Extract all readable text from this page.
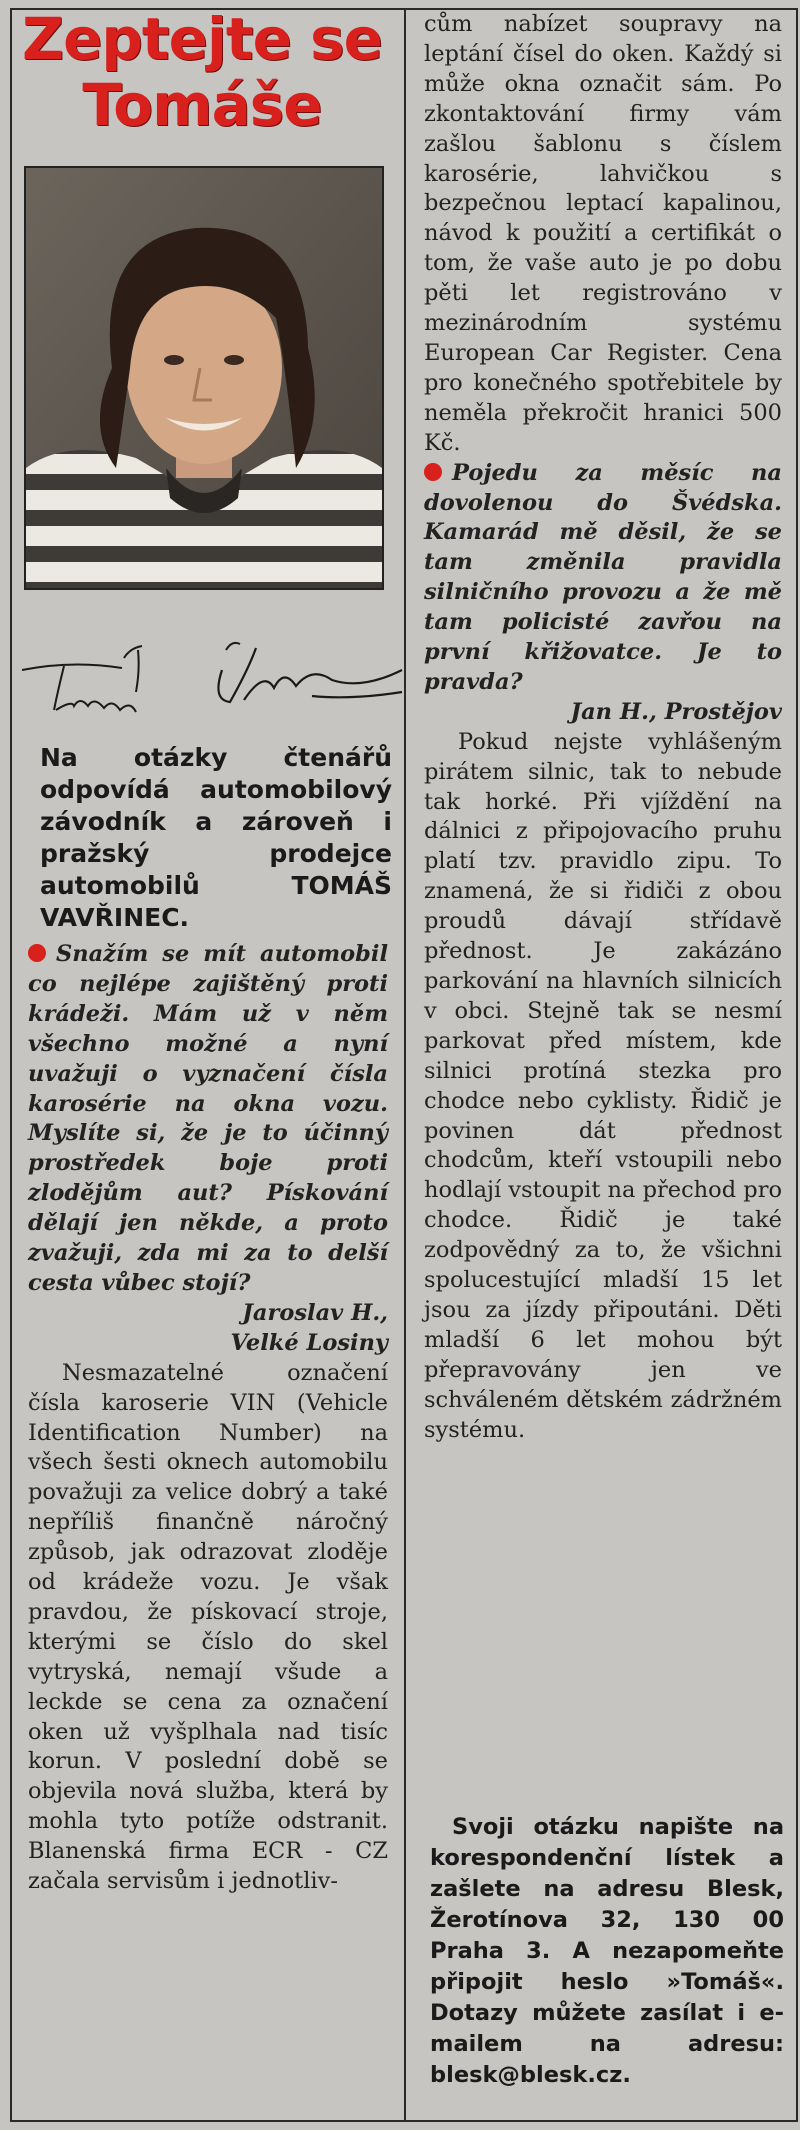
Zeptejte se
Tomáše
Na otázky čtenářů odpovídá automobilový závodník a zároveň i pražský prodejce automobilů TOMÁŠ VAVŘINEC.

Snažím se mít automobil co nejlépe zajištěný proti krádeži. Mám už v něm všechno možné a nyní uvažuji o vyznačení čísla karosérie na okna vozu. Myslíte si, že je to účinný prostředek boje proti zlodějům aut? Pískování dělají jen někde, a proto zvažuji, zda mi za to delší cesta vůbec stojí?

Jaroslav H.,

Velké Losiny

Nesmazatelné označení čísla karoserie VIN (Vehicle Identification Number) na všech šesti oknech automobilu považuji za velice dobrý a také nepříliš finančně náročný způsob, jak odrazovat zloděje od krádeže vozu. Je však pravdou, že pískovací stroje, kterými se číslo do skel vytryská, nemají všude a leckde se cena za označení oken už vyšplhala nad tisíc korun. V poslední době se objevila nová služba, která by mohla tyto potíže odstranit. Blanenská firma ECR - CZ začala servisům i jednotliv-

cům nabízet soupravy na leptání čísel do oken. Každý si může okna označit sám. Po zkontaktování firmy vám zašlou šablonu s číslem karosérie, lahvičkou s bezpečnou leptací kapalinou, návod k použití a certifikát o tom, že vaše auto je po dobu pěti let registrováno v mezinárodním systému European Car Register. Cena pro konečného spotřebitele by neměla překročit hranici 500 Kč.

Pojedu za měsíc na dovolenou do Švédska. Kamarád mě děsil, že se tam změnila pravidla silničního provozu a že mě tam policisté zavřou na první křižovatce. Je to pravda?

Jan H., Prostějov

Pokud nejste vyhlášeným pirátem silnic, tak to nebude tak horké. Při vjíždění na dálnici z připojovacího pruhu platí tzv. pravidlo zipu. To znamená, že si řidiči z obou proudů dávají střídavě přednost. Je zakázáno parkování na hlavních silnicích v obci. Stejně tak se nesmí parkovat před místem, kde silnici protíná stezka pro chodce nebo cyklisty. Řidič je povinen dát přednost chodcům, kteří vstoupili nebo hodlají vstoupit na přechod pro chodce. Řidič je také zodpovědný za to, že všichni spolucestující mladší 15 let jsou za jízdy připoutáni. Děti mladší 6 let mohou být přepravovány jen ve schváleném dětském zádržném systému.

Svoji otázku napište na korespondenční lístek a zašlete na adresu Blesk, Žerotínova 32, 130 00 Praha 3. A nezapomeňte připojit heslo »Tomáš«. Dotazy můžete zasílat i e-mailem na adresu: blesk@blesk.cz.
